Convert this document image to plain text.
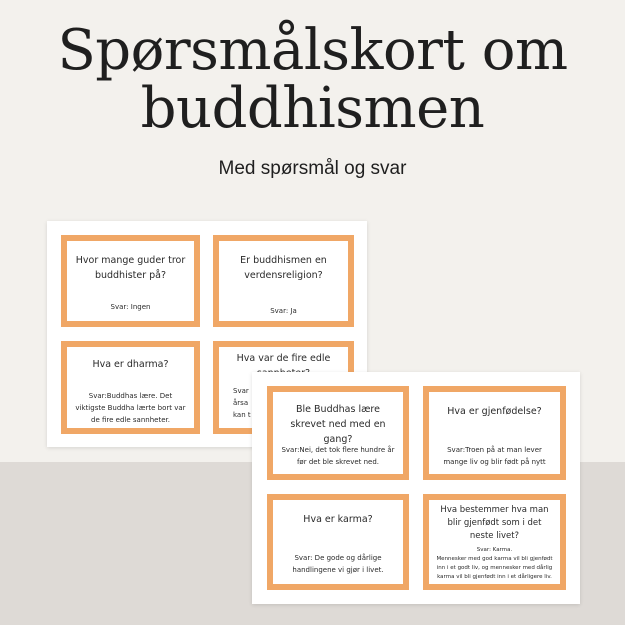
Spørsmålskort om
buddhismen

Med spørsmål og svar

Hvor mange guder tror buddhister på?
Svar: Ingen
Er buddhismen en verdensreligion?
Svar: Ja
Hva er dharma?
Svar:Buddhas lære. Det viktigste Buddha lærte bort var de fire edle sannheter.
Hva var de fire edle
Svar
årsa
kan t	Ble Buddhas lære skrevet ned med en gang?
Svar:Nei, det tok flere hundre år før det ble skrevet ned.
Hva er gjenfødelse?
Svar:Troen på at man lever mange liv og blir født på nytt
Hva er karma?
Svar: De gode og dårlige handlingene vi gjør i livet.
Hva bestemmer hva man blir gjenfødt som i det neste livet?
Svar: Karma.
Mennesker med god karma vil bli gjenfødt inn i et godt liv, og mennesker med dårlig karma vil bli gjenfødt inn i et dårligere liv.
